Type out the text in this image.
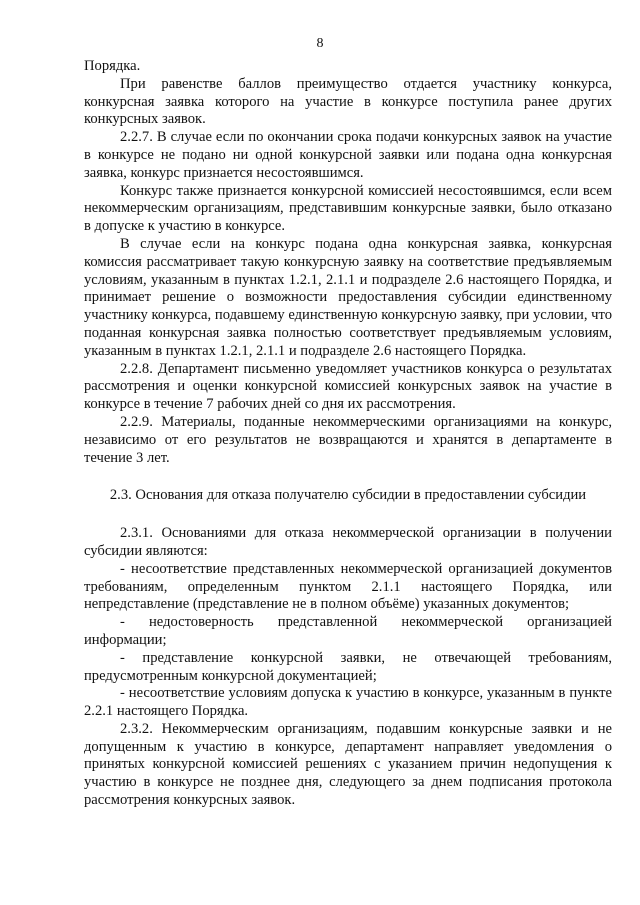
8

Порядка.

При равенстве баллов преимущество отдается участнику конкурса, конкурсная заявка которого на участие в конкурсе поступила ранее других конкурсных заявок.

2.2.7. В случае если по окончании срока подачи конкурсных заявок на участие в конкурсе не подано ни одной конкурсной заявки или подана одна конкурсная заявка, конкурс признается несостоявшимся.

Конкурс также признается конкурсной комиссией несостоявшимся, если всем некоммерческим организациям, представившим конкурсные заявки, было отказано в допуске к участию в конкурсе.

В случае если на конкурс подана одна конкурсная заявка, конкурсная комиссия рассматривает такую конкурсную заявку на соответствие предъявляемым условиям, указанным в пунктах 1.2.1, 2.1.1 и подразделе 2.6 настоящего Порядка, и принимает решение о возможности предоставления субсидии единственному участнику конкурса, подавшему единственную конкурсную заявку, при условии, что поданная конкурсная заявка полностью соответствует предъявляемым условиям, указанным в пунктах 1.2.1, 2.1.1 и подразделе 2.6 настоящего Порядка.

2.2.8. Департамент письменно уведомляет участников конкурса о результатах рассмотрения и оценки конкурсной комиссией конкурсных заявок на участие в конкурсе в течение 7 рабочих дней со дня их рассмотрения.

2.2.9. Материалы, поданные некоммерческими организациями на конкурс, независимо от его результатов не возвращаются и хранятся в департаменте в течение 3 лет.

2.3. Основания для отказа получателю субсидии в предоставлении субсидии

2.3.1. Основаниями для отказа некоммерческой организации в получении субсидии являются:

- несоответствие представленных некоммерческой организацией документов требованиям, определенным пунктом 2.1.1 настоящего Порядка, или непредставление (представление не в полном объёме) указанных документов;

- недостоверность представленной некоммерческой организацией информации;

- представление конкурсной заявки, не отвечающей требованиям, предусмотренным конкурсной документацией;

- несоответствие условиям допуска к участию в конкурсе, указанным в пункте 2.2.1 настоящего Порядка.

2.3.2. Некоммерческим организациям, подавшим конкурсные заявки и не допущенным к участию в конкурсе, департамент направляет уведомления о принятых конкурсной комиссией решениях с указанием причин недопущения к участию в конкурсе не позднее дня, следующего за днем подписания протокола рассмотрения конкурсных заявок.
